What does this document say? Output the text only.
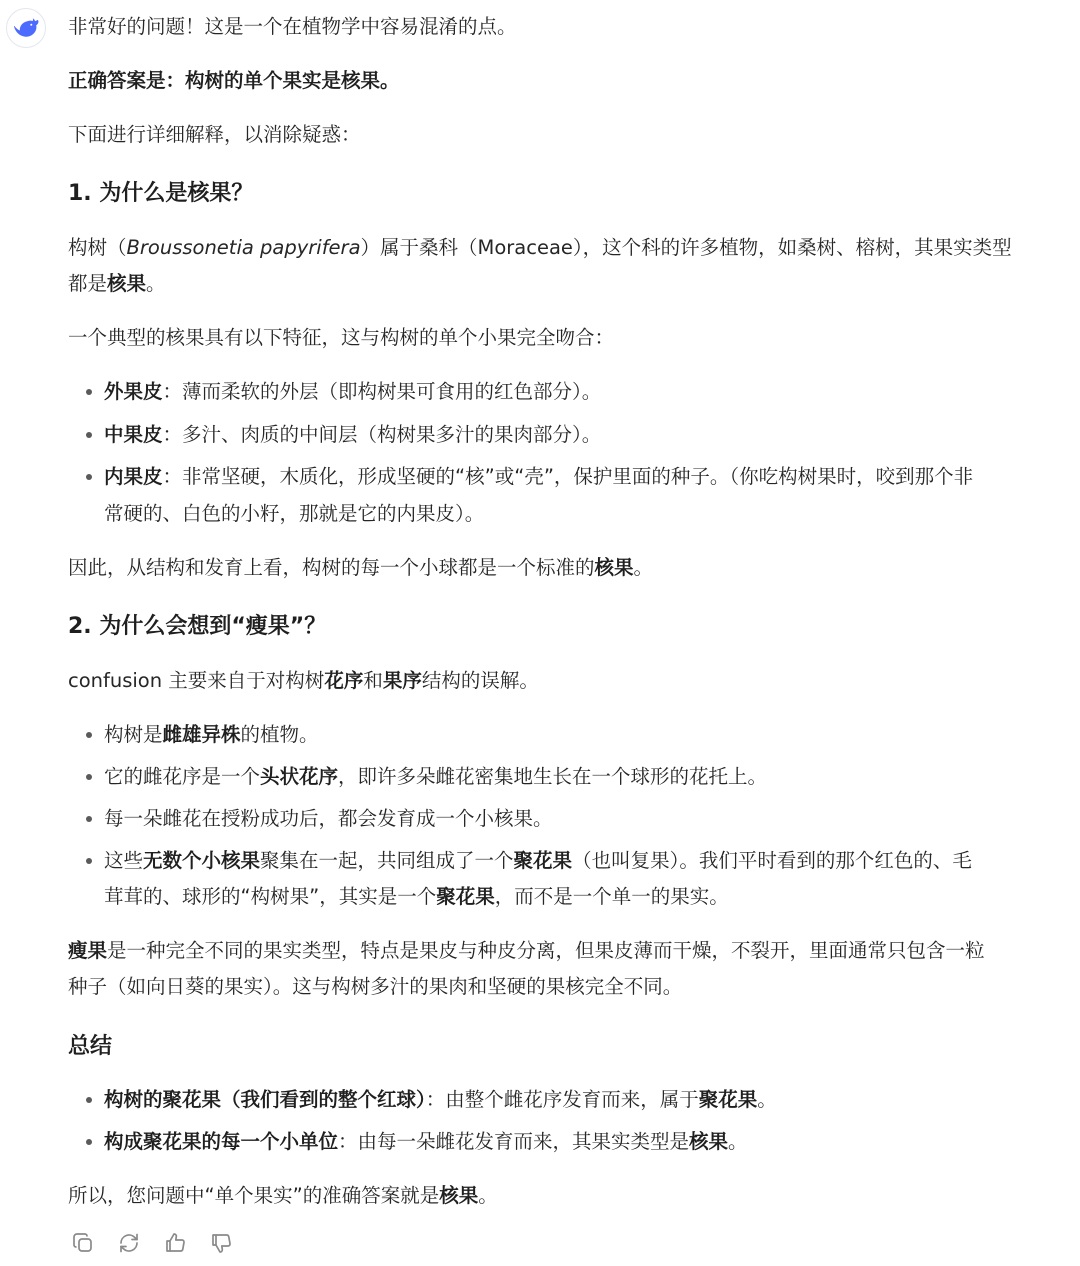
非常好的问题！这是一个在植物学中容易混淆的点。
正确答案是：构树的单个果实是核果。
下面进行详细解释，以消除疑惑：
1. 为什么是核果？
构树（Broussonetia papyrifera）属于桑科（Moraceae），这个科的许多植物，如桑树、榕树，其果实类型
都是核果。
一个典型的核果具有以下特征，这与构树的单个小果完全吻合：
外果皮：薄而柔软的外层（即构树果可食用的红色部分）。
中果皮：多汁、肉质的中间层（构树果多汁的果肉部分）。
内果皮：非常坚硬，木质化，形成坚硬的“核”或“壳”，保护里面的种子。（你吃构树果时，咬到那个非
常硬的、白色的小籽，那就是它的内果皮）。
因此，从结构和发育上看，构树的每一个小球都是一个标准的核果。
2. 为什么会想到“瘦果”？
confusion 主要来自于对构树花序和果序结构的误解。
构树是雌雄异株的植物。
它的雌花序是一个头状花序，即许多朵雌花密集地生长在一个球形的花托上。
每一朵雌花在授粉成功后，都会发育成一个小核果。
这些无数个小核果聚集在一起，共同组成了一个聚花果（也叫复果）。我们平时看到的那个红色的、毛
茸茸的、球形的“构树果”，其实是一个聚花果，而不是一个单一的果实。
瘦果是一种完全不同的果实类型，特点是果皮与种皮分离，但果皮薄而干燥，不裂开，里面通常只包含一粒
种子（如向日葵的果实）。这与构树多汁的果肉和坚硬的果核完全不同。
总结
构树的聚花果（我们看到的整个红球）：由整个雌花序发育而来，属于聚花果。
构成聚花果的每一个小单位：由每一朵雌花发育而来，其果实类型是核果。
所以，您问题中“单个果实”的准确答案就是核果。
